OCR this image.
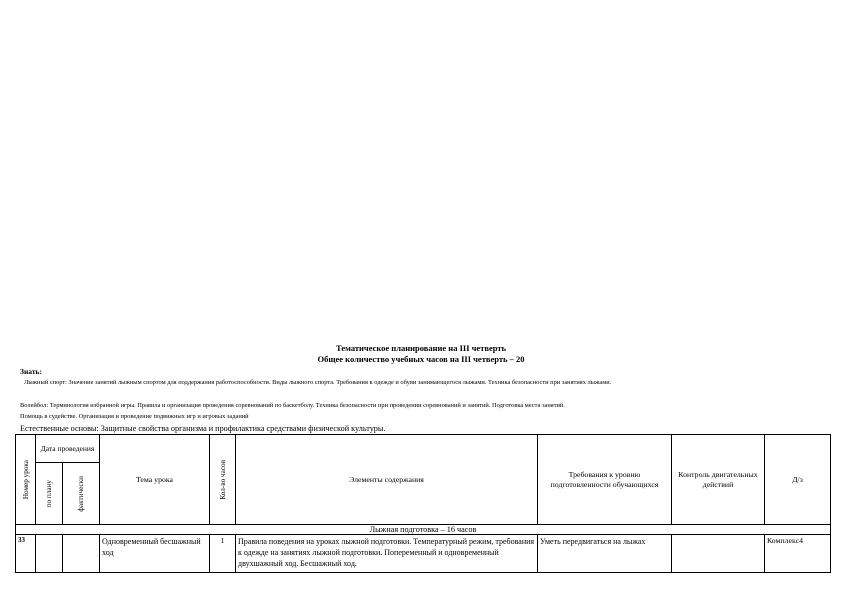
Тематическое планирование на III четверть
Общее количество учебных часов на III четверть – 20
Знать:
Лыжный спорт: Значение занятий лыжным спортом для поддержания работоспособности. Виды лыжного спорта. Требования к одежде и обуви занимающегося лыжами. Техника безопасности при занятиях лыжами.
Волейбол: Терминология избранной игры. Правила и организация проведения соревнований по баскетболу. Техника безопасности при проведении соревнований и занятий. Подготовка места занятий.
Помощь в судействе. Организация и проведение подвижных игр и игровых заданий
Естественные основы: Защитные свойства организма и профилактика средствами физической культуры.
Номер урока	Дата проведения		Тема урока	Кол-во часов	Элементы содержания	Требования к уровню подготовленности обучающихся	Контроль двигательных действий	Д/з

	по плану	фактически						

Лыжная подготовка – 16 часов								
33			Одновременный бесшажный ход	1	Правила поведения на уроках лыжной подготовки. Температурный режим, требования к одежде на занятиях лыжной подготовки. Попеременный и одновременный двухшажный ход. Бесшажный ход.	Уметь передвигаться на лыжах		Комплекс4
